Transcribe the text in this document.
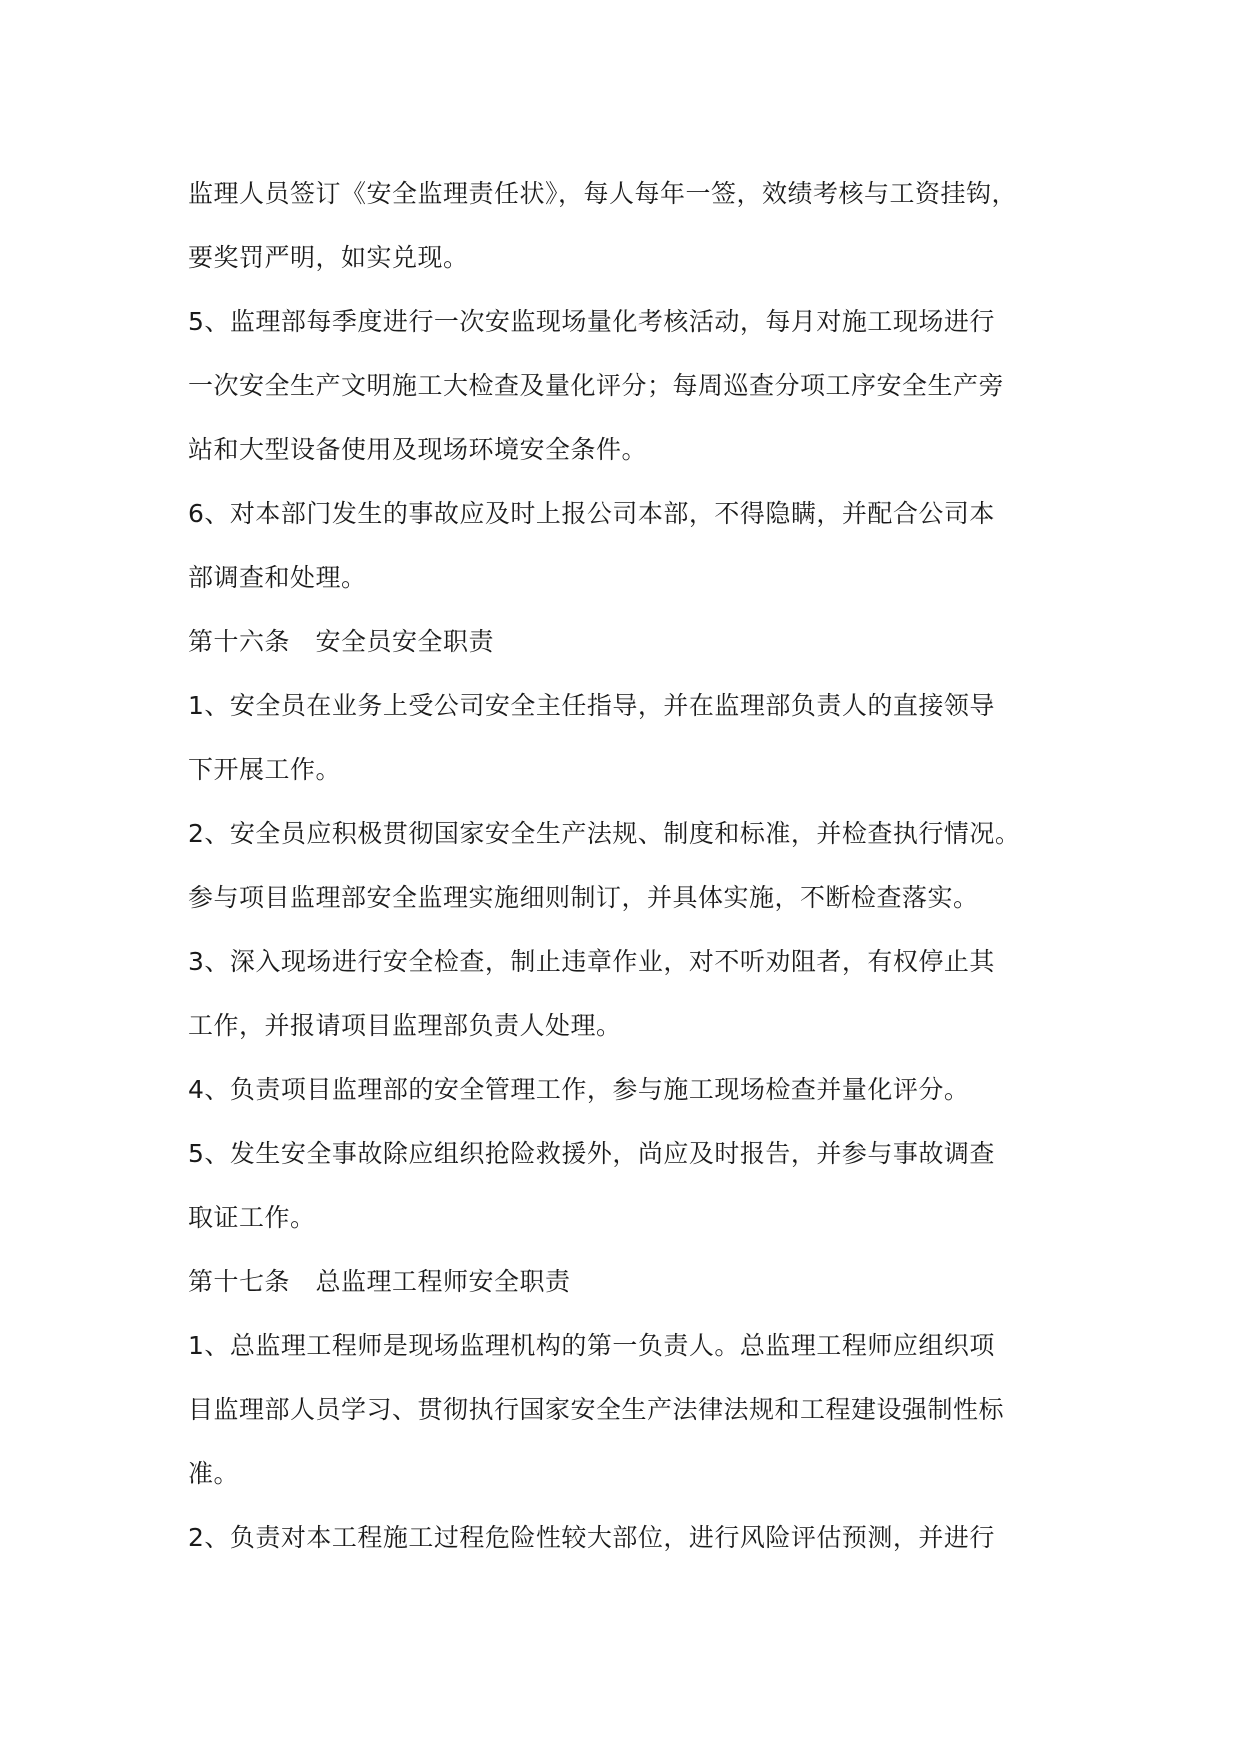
监理人员签订《安全监理责任状》，每人每年一签，效绩考核与工资挂钩，
要奖罚严明，如实兑现。
5、监理部每季度进行一次安监现场量化考核活动，每月对施工现场进行
一次安全生产文明施工大检查及量化评分；每周巡查分项工序安全生产旁
站和大型设备使用及现场环境安全条件。
6、对本部门发生的事故应及时上报公司本部，不得隐瞒，并配合公司本
部调查和处理。
第十六条　安全员安全职责
1、安全员在业务上受公司安全主任指导，并在监理部负责人的直接领导
下开展工作。
2、安全员应积极贯彻国家安全生产法规、制度和标准，并检查执行情况。
参与项目监理部安全监理实施细则制订，并具体实施，不断检查落实。
3、深入现场进行安全检查，制止违章作业，对不听劝阻者，有权停止其
工作，并报请项目监理部负责人处理。
4、负责项目监理部的安全管理工作，参与施工现场检查并量化评分。
5、发生安全事故除应组织抢险救援外，尚应及时报告，并参与事故调查
取证工作。
第十七条　总监理工程师安全职责
1、总监理工程师是现场监理机构的第一负责人。总监理工程师应组织项
目监理部人员学习、贯彻执行国家安全生产法律法规和工程建设强制性标
准。
2、负责对本工程施工过程危险性较大部位，进行风险评估预测，并进行
